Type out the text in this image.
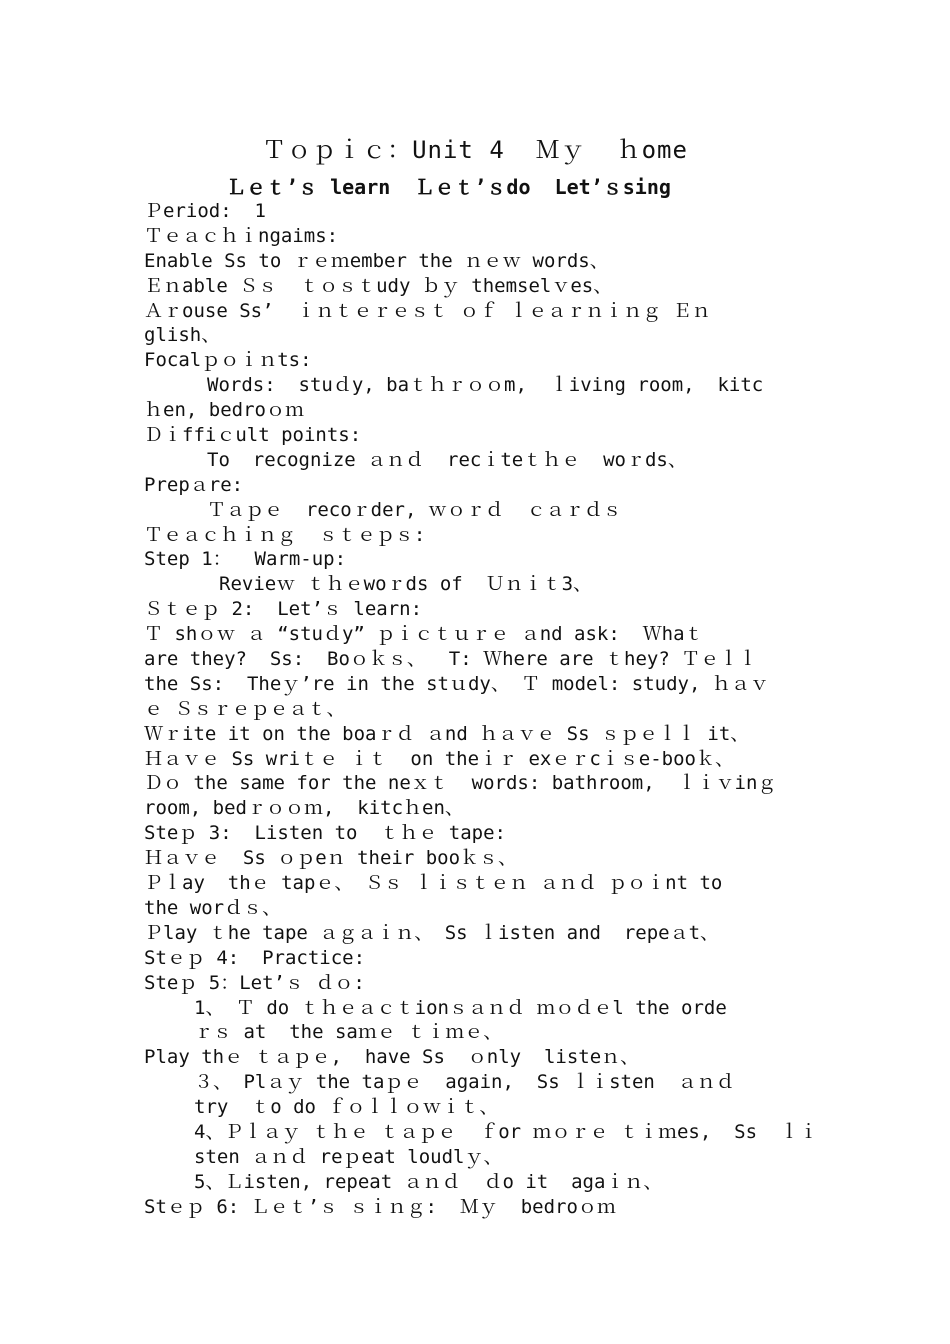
Ｔｏｐｉｃ：Unit 4  Ｍｙ  ｈome
Ｌｅｔ’ｓ learn  Ｌｅｔ’ｓdo  Let’ｓsing
Ｐeriod:  1
Ｔｅａｃｈｉngaims:
Enable Ss to ｒｅｍember the ｎｅｗ words、
Ｅｎable Ｓｓ  ｔｏｓｔudy ｂｙ themselｖes、
Ａｒouse Ss’  ｉｎｔｅｒｅｓｔ ｏｆ ｌｅａｒｎｉｎｇ Ｅｎ
glish、
Focalｐｏｉｎts:
Words:  stuｄy, baｔｈｒｏｏm,  ｌiving room,  kitc
ｈen, bedroｏｍ
Ｄｉffiｃult points:
To  recognize ａｎｄ  recｉteｔｈｅ  woｒds、
Prepａre:
Ｔａｐｅ  recoｒder, ｗｏｒｄ  ｃａｒｄｓ
Ｔｅａｃｈｉｎｇ  ｓｔｅｐｓ:
Step 1：  Warm-up:
Revieｗ ｔｈｅwoｒds of  Ｕｎｉｔ3、
Ｓｔｅｐ 2:  Let’ｓ learn:
Ｔ shｏｗ ａ “stuｄy” ｐｉｃｔｕｒｅ ａnd ask:  Ｗhaｔ
are they?  Ss:  Boｏｋｓ、  T: Ｗhere are ｔhey? Ｔｅｌｌ
the Ss:  Theｙ’re in the stｕdy、 Ｔ model: study, ｈａｖ
ｅ Ｓｓｒｅｐｅａｔ、
Ｗｒite it on the boaｒｄ ａnd ｈａｖｅ Ss ｓｐｅｌｌ it、
Ｈａｖｅ Ss wriｔｅ ｉｔ  on theｉｒ exｅｒcｉｓe-booｋ、
Ｄｏ the same for the neｘｔ  words: bathroom,  ｌｉｖinｇ
room, bedｒｏｏｍ,  kitcｈen、
Steｐ 3:  Listen to  ｔｈｅ tape:
Ｈａｖｅ  Ss ｏｐeｎ their booｋｓ、
Ｐｌay  thｅ tapｅ、 Ｓｓ ｌｉｓｔｅｎ ａｎｄ ｐｏｉnt to
the worｄｓ、
Ｐlay ｔhe tape ａｇａｉｎ、 Ss ｌisten and  repeａt、
Stｅｐ 4:  Practice:
Steｐ 5：Let’ｓ ｄｏ:
1、 Ｔ do ｔｈｅａｃｔionｓａｎｄ ｍｏｄｅl the orde
ｒｓ at  the saｍｅ ｔｉｍｅ、
Play thｅ ｔａｐｅ,  have Ss  ｏnly  listeｎ、
３、 Plａｙ the taｐｅ  again,  Ss ｌｉsten  ａｎｄ
try  ｔo do ｆｏｌｌｏｗｉｔ、
4、Ｐｌａｙ ｔｈｅ ｔａｐｅ  ｆor ｍｏｒｅ ｔｉｍes,  Ss  ｌｉ
sten ａｎｄ reｐeat loudlｙ、
5、Ｌisten, repeat ａｎｄ  ｄo it  agaｉｎ、
Stｅｐ 6: Ｌｅｔ’ｓ ｓｉｎｇ:  Ｍｙ  bedroｏｍ
